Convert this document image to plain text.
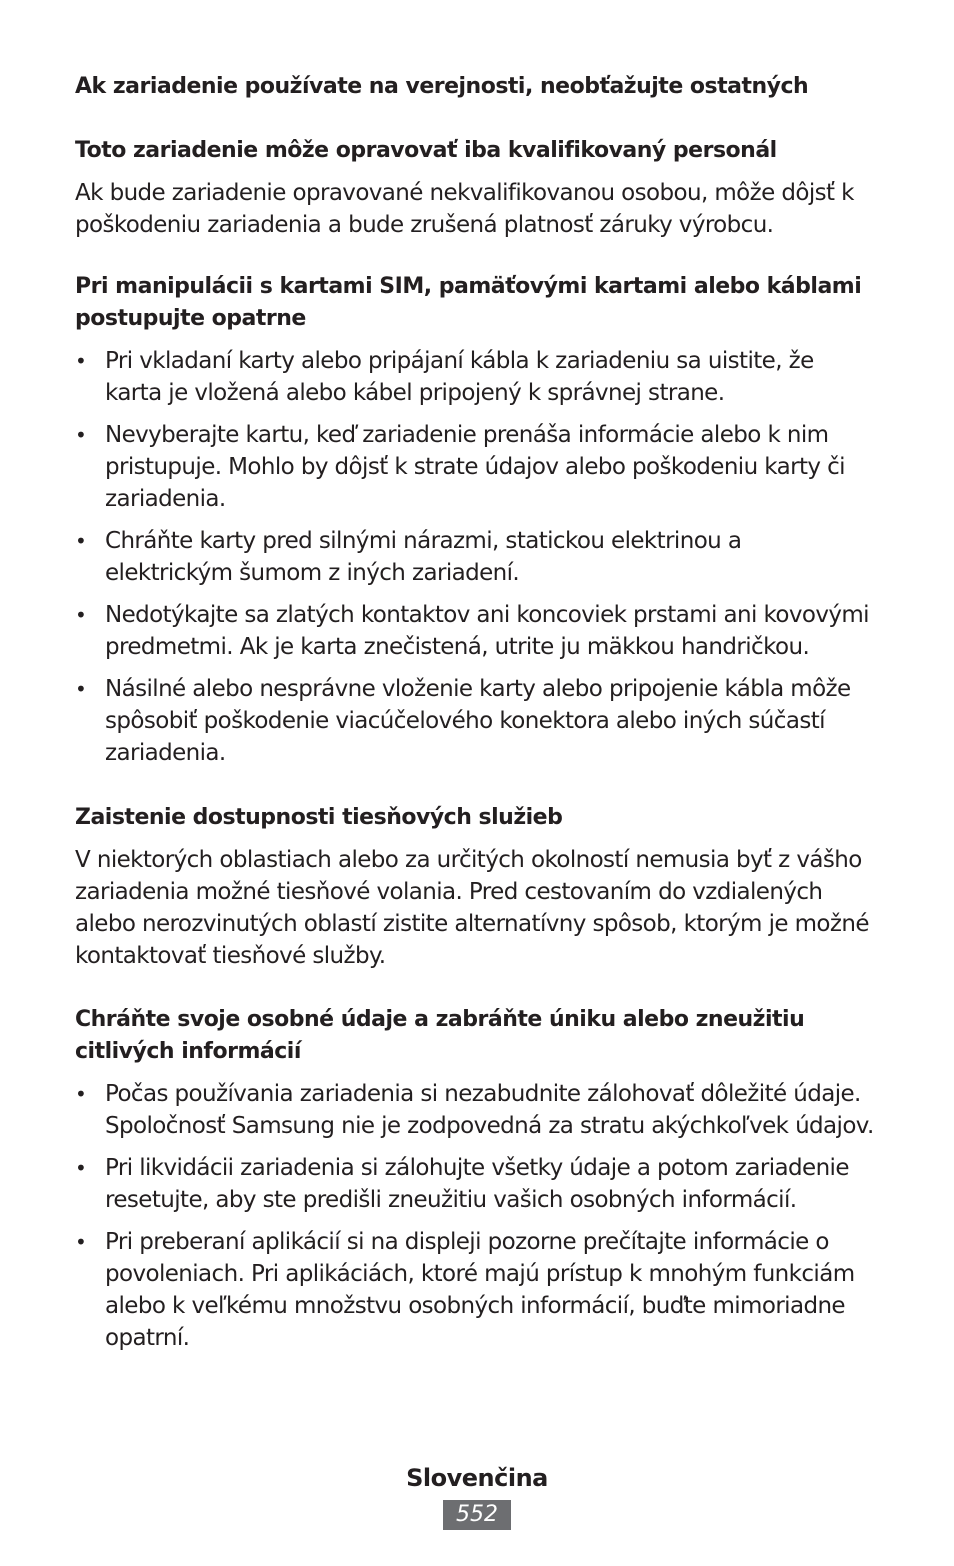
Ak zariadenie používate na verejnosti, neobťažujte ostatných

Toto zariadenie môže opravovať iba kvalifikovaný personál

Ak bude zariadenie opravované nekvalifikovanou osobou, môže dôjsť k poškodeniu zariadenia a bude zrušená platnosť záruky výrobcu.

Pri manipulácii s kartami SIM, pamäťovými kartami alebo káblami postupujte opatrne

• Pri vkladaní karty alebo pripájaní kábla k zariadeniu sa uistite, že karta je vložená alebo kábel pripojený k správnej strane.
• Nevyberajte kartu, keď zariadenie prenáša informácie alebo k nim pristupuje. Mohlo by dôjsť k strate údajov alebo poškodeniu karty či zariadenia.
• Chráňte karty pred silnými nárazmi, statickou elektrinou a elektrickým šumom z iných zariadení.
• Nedotýkajte sa zlatých kontaktov ani koncoviek prstami ani kovovými predmetmi. Ak je karta znečistená, utrite ju mäkkou handričkou.
• Násilné alebo nesprávne vloženie karty alebo pripojenie kábla môže spôsobiť poškodenie viacúčelového konektora alebo iných súčastí zariadenia.

Zaistenie dostupnosti tiesňových služieb

V niektorých oblastiach alebo za určitých okolností nemusia byť z vášho zariadenia možné tiesňové volania. Pred cestovaním do vzdialených alebo nerozvinutých oblastí zistite alternatívny spôsob, ktorým je možné kontaktovať tiesňové služby.

Chráňte svoje osobné údaje a zabráňte úniku alebo zneužitiu citlivých informácií

• Počas používania zariadenia si nezabudnite zálohovať dôležité údaje. Spoločnosť Samsung nie je zodpovedná za stratu akýchkoľvek údajov.
• Pri likvidácii zariadenia si zálohujte všetky údaje a potom zariadenie resetujte, aby ste predišli zneužitiu vašich osobných informácií.
• Pri preberaní aplikácií si na displeji pozorne prečítajte informácie o povoleniach. Pri aplikáciách, ktoré majú prístup k mnohým funkciám alebo k veľkému množstvu osobných informácií, buďte mimoriadne opatrní.
Slovenčina
552
